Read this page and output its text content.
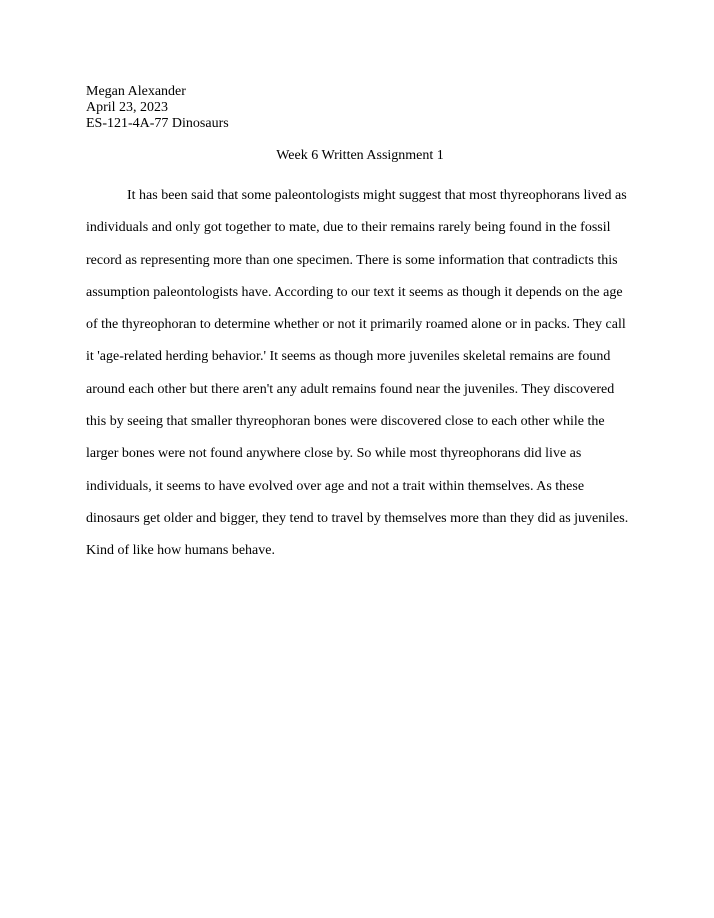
Megan Alexander
April 23, 2023
ES-121-4A-77 Dinosaurs
Week 6 Written Assignment 1

It has been said that some paleontologists might suggest that most thyreophorans lived as individuals and only got together to mate, due to their remains rarely being found in the fossil record as representing more than one specimen. There is some information that contradicts this assumption paleontologists have. According to our text it seems as though it depends on the age of the thyreophoran to determine whether or not it primarily roamed alone or in packs. They call it 'age-related herding behavior.' It seems as though more juveniles skeletal remains are found around each other but there aren't any adult remains found near the juveniles. They discovered this by seeing that smaller thyreophoran bones were discovered close to each other while the larger bones were not found anywhere close by. So while most thyreophorans did live as individuals, it seems to have evolved over age and not a trait within themselves. As these dinosaurs get older and bigger, they tend to travel by themselves more than they did as juveniles. Kind of like how humans behave.
